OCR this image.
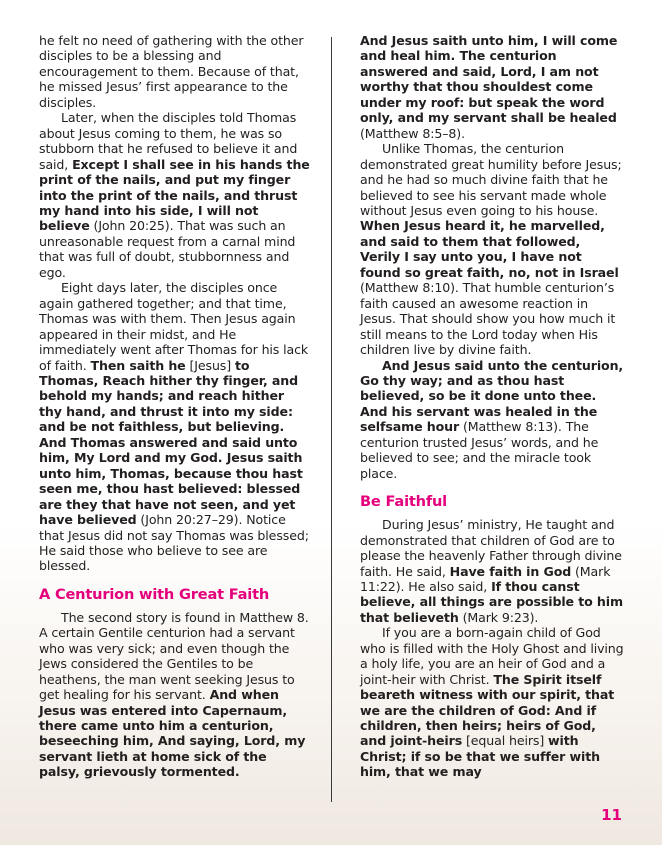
he felt no need of gathering with the other disciples to be a blessing and encouragement to them. Because of that, he missed Jesus’ first appearance to the disciples.

Later, when the disciples told Thomas about Jesus coming to them, he was so stubborn that he refused to believe it and said, Except I shall see in his hands the print of the nails, and put my finger into the print of the nails, and thrust my hand into his side, I will not believe (John 20:25). That was such an unreasonable request from a carnal mind that was full of doubt, stubbornness and ego.

Eight days later, the disciples once again gathered together; and that time, Thomas was with them. Then Jesus again appeared in their midst, and He immediately went after Thomas for his lack of faith. Then saith he [Jesus] to Thomas, Reach hither thy finger, and behold my hands; and reach hither thy hand, and thrust it into my side: and be not faithless, but believing. And Thomas answered and said unto him, My Lord and my God. Jesus saith unto him, Thomas, because thou hast seen me, thou hast believed: blessed are they that have not seen, and yet have believed (John 20:27–29). Notice that Jesus did not say Thomas was blessed; He said those who believe to see are blessed.

A Centurion with Great Faith

The second story is found in Matthew 8. A certain Gentile centurion had a servant who was very sick; and even though the Jews considered the Gentiles to be heathens, the man went seeking Jesus to get healing for his servant. And when Jesus was entered into Capernaum, there came unto him a centurion, beseeching him, And saying, Lord, my servant lieth at home sick of the palsy, grievously tormented.

And Jesus saith unto him, I will come and heal him. The centurion answered and said, Lord, I am not worthy that thou shouldest come under my roof: but speak the word only, and my servant shall be healed (Matthew 8:5–8).

Unlike Thomas, the centurion demonstrated great humility before Jesus; and he had so much divine faith that he believed to see his servant made whole without Jesus even going to his house. When Jesus heard it, he marvelled, and said to them that followed, Verily I say unto you, I have not found so great faith, no, not in Israel (Matthew 8:10). That humble centurion’s faith caused an awesome reaction in Jesus. That should show you how much it still means to the Lord today when His children live by divine faith.

And Jesus said unto the centurion, Go thy way; and as thou hast believed, so be it done unto thee. And his servant was healed in the selfsame hour (Matthew 8:13). The centurion trusted Jesus’ words, and he believed to see; and the miracle took place.

Be Faithful

During Jesus’ ministry, He taught and demonstrated that children of God are to please the heavenly Father through divine faith. He said, Have faith in God (Mark 11:22). He also said, If thou canst believe, all things are possible to him that believeth (Mark 9:23).

If you are a born-again child of God who is filled with the Holy Ghost and living a holy life, you are an heir of God and a joint-heir with Christ. The Spirit itself beareth witness with our spirit, that we are the children of God: And if children, then heirs; heirs of God, and joint-heirs [equal heirs] with Christ; if so be that we suffer with him, that we may

11
